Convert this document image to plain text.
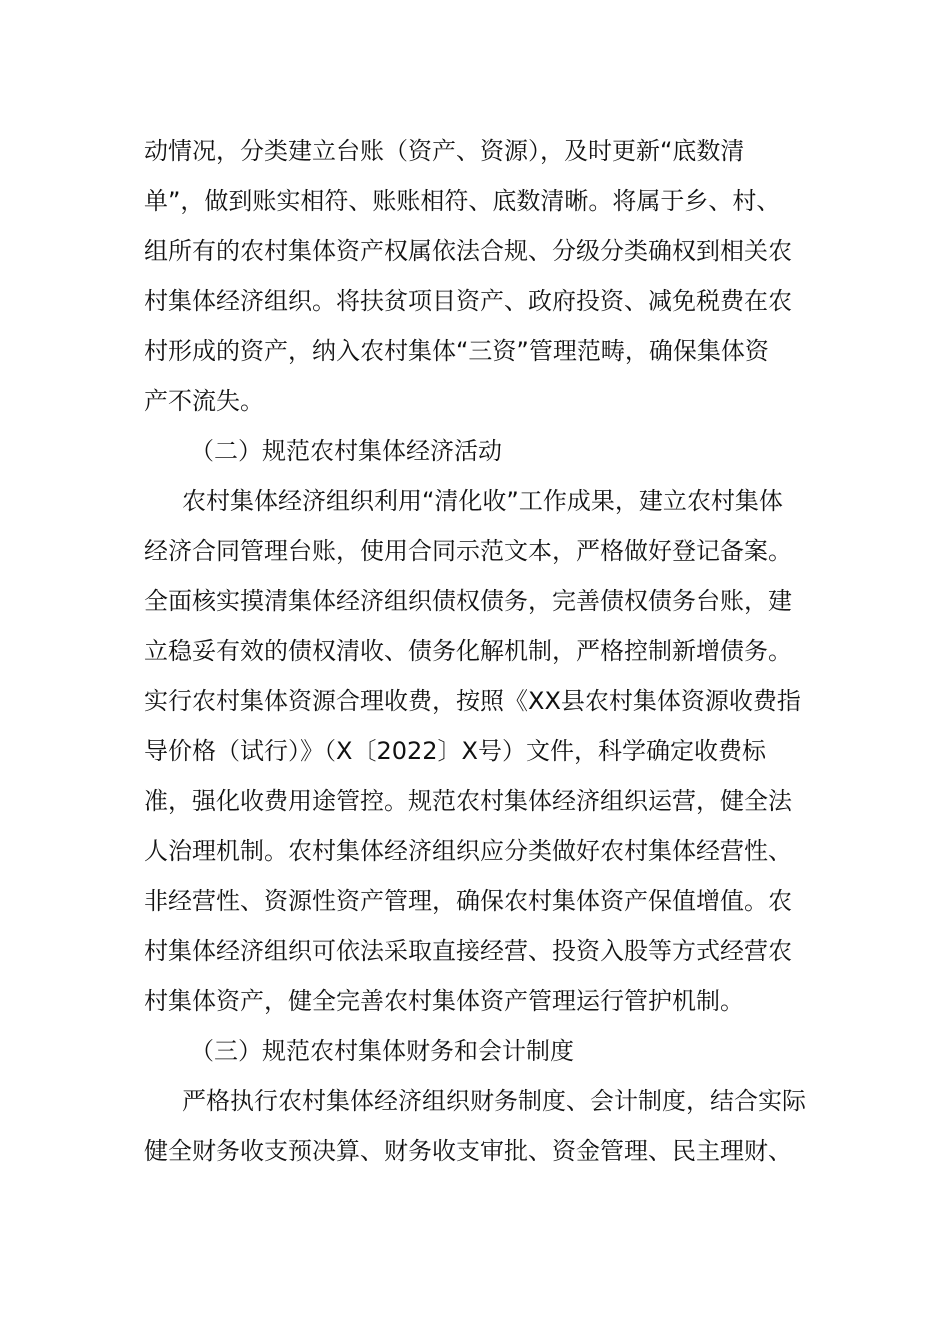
动情况，分类建立台账（资产、资源），及时更新“底数清
单”，做到账实相符、账账相符、底数清晰。将属于乡、村、
组所有的农村集体资产权属依法合规、分级分类确权到相关农
村集体经济组织。将扶贫项目资产、政府投资、减免税费在农
村形成的资产，纳入农村集体“三资”管理范畴，确保集体资
产不流失。
（二）规范农村集体经济活动
农村集体经济组织利用“清化收”工作成果，建立农村集体
经济合同管理台账，使用合同示范文本，严格做好登记备案。
全面核实摸清集体经济组织债权债务，完善债权债务台账，建
立稳妥有效的债权清收、债务化解机制，严格控制新增债务。
实行农村集体资源合理收费，按照《XX县农村集体资源收费指
导价格（试行）》（X〔2022〕X号）文件，科学确定收费标
准，强化收费用途管控。规范农村集体经济组织运营，健全法
人治理机制。农村集体经济组织应分类做好农村集体经营性、
非经营性、资源性资产管理，确保农村集体资产保值增值。农
村集体经济组织可依法采取直接经营、投资入股等方式经营农
村集体资产，健全完善农村集体资产管理运行管护机制。
（三）规范农村集体财务和会计制度
严格执行农村集体经济组织财务制度、会计制度，结合实际
健全财务收支预决算、财务收支审批、资金管理、民主理财、
